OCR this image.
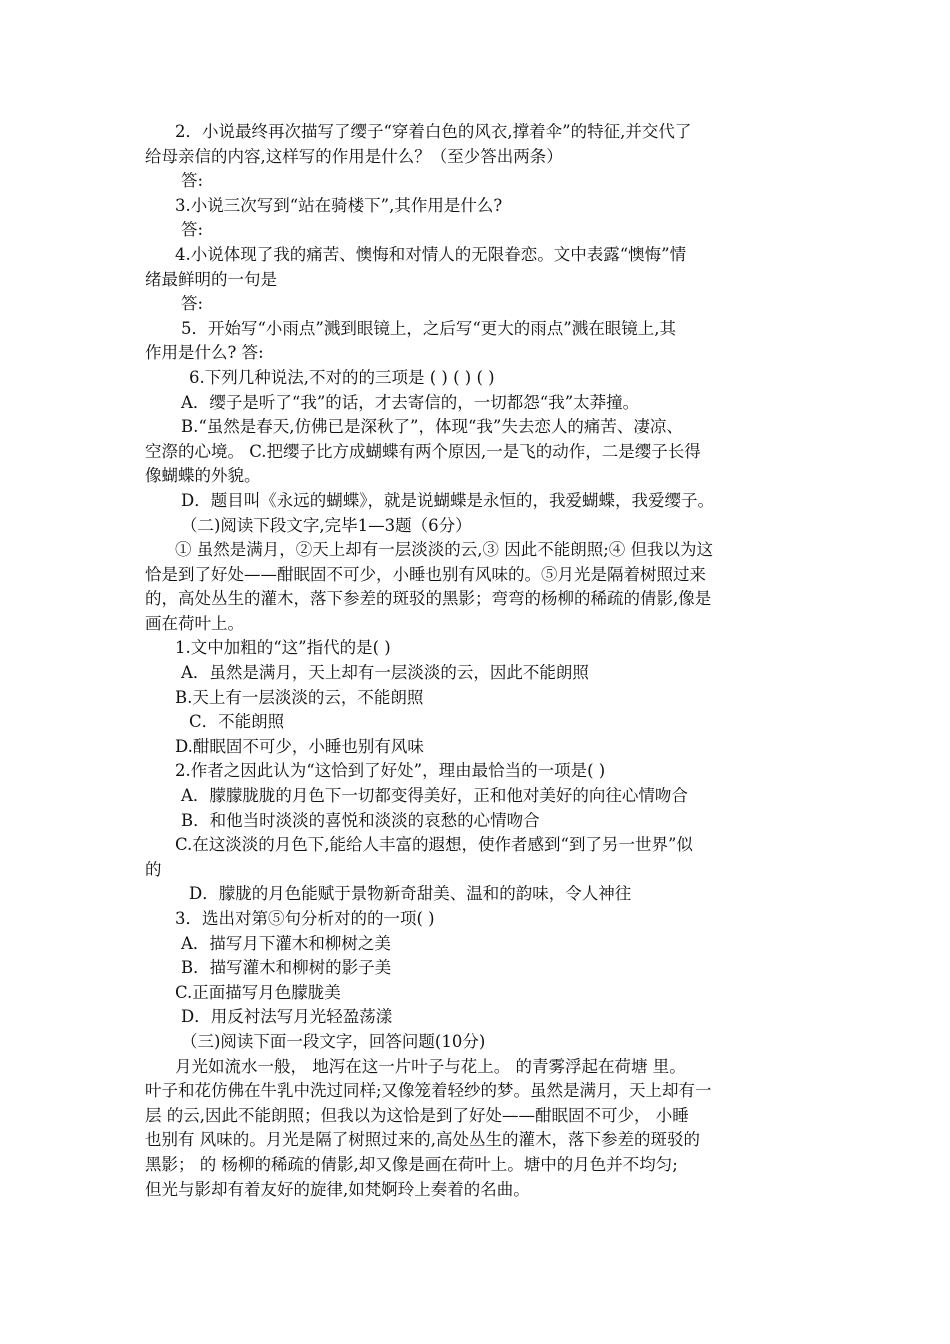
2．小说最终再次描写了缨子“穿着白色的风衣,撑着伞”的特征,并交代了
给母亲信的内容,这样写的作用是什么？（至少答出两条）
答:
3.小说三次写到“站在骑楼下”,其作用是什么?
答:
4.小说体现了我的痛苦、懊悔和对情人的无限眷恋。文中表露“懊悔”情
绪最鲜明的一句是
答:
5．开始写“小雨点”溅到眼镜上，之后写“更大的雨点”溅在眼镜上,其
作用是什么? 答:
6.下列几种说法,不对的的三项是 ( ) ( ) ( )
A．缨子是听了“我”的话，才去寄信的，一切都怨“我”太莽撞。
B.“虽然是春天,仿佛已是深秋了”，体现“我”失去恋人的痛苦、凄凉、
空漈的心境。 C.把缨子比方成蝴蝶有两个原因,一是飞的动作，二是缨子长得
像蝴蝶的外貌。
D．题目叫《永远的蝴蝶》，就是说蝴蝶是永恒的，我爱蝴蝶，我爱缨子。
（二)阅读下段文字,完毕1—3题（6分）
① 虽然是满月，②天上却有一层淡淡的云,③ 因此不能朗照;④ 但我以为这
恰是到了好处——酣眠固不可少，小睡也别有风味的。⑤月光是隔着树照过来
的，高处丛生的灌木，落下参差的斑驳的黑影；弯弯的杨柳的稀疏的倩影,像是
画在荷叶上。
1.文中加粗的“这”指代的是( )
A．虽然是满月，天上却有一层淡淡的云，因此不能朗照
B.天上有一层淡淡的云，不能朗照
C．不能朗照
D.酣眠固不可少，小睡也别有风味
2.作者之因此认为“这恰到了好处”，理由最恰当的一项是( )
A．朦朦胧胧的月色下一切都变得美好，正和他对美好的向往心情吻合
B．和他当时淡淡的喜悦和淡淡的哀愁的心情吻合
C.在这淡淡的月色下,能给人丰富的遐想，使作者感到“到了另一世界”似
的
D．朦胧的月色能赋于景物新奇甜美、温和的韵味，令人神往
3．选出对第⑤句分析对的的一项( )
A．描写月下灌木和柳树之美
B．描写灌木和柳树的影子美
C.正面描写月色朦胧美
D．用反衬法写月光轻盈荡漾
（三)阅读下面一段文字，回答问题(10分)
月光如流水一般， 地泻在这一片叶子与花上。 的青雾浮起在荷塘 里。
叶子和花仿佛在牛乳中洗过同样;又像笼着轻纱的梦。虽然是满月，天上却有一
层 的云,因此不能朗照；但我以为这恰是到了好处——酣眠固不可少， 小睡
也别有 风味的。月光是隔了树照过来的,高处丛生的灌木，落下参差的斑驳的
黑影； 的 杨柳的稀疏的倩影,却又像是画在荷叶上。塘中的月色并不均匀;
但光与影却有着友好的旋律,如梵婀玲上奏着的名曲。
